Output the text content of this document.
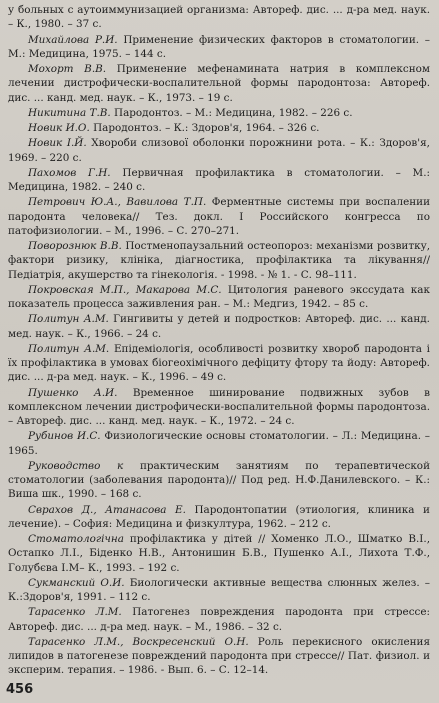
у больных с аутоиммунизацией организма: Автореф. дис. ... д-ра мед. наук. – К., 1980. – 37 с.

Михайлова Р.И. Применение физических факторов в стоматологии. – М.: Медицина, 1975. – 144 с.

Мохорт В.В. Применение мефенамината натрия в комплексном лечении дистрофически-воспалительной формы пародонтоза: Автореф. дис. ... канд. мед. наук. – К., 1973. – 19 с.

Никитина Т.В. Пародонтоз. – М.: Медицина, 1982. – 226 с.

Новик И.О. Пародонтоз. – К.: Здоров'я, 1964. – 326 с.

Новик І.Й. Хвороби слизової оболонки порожнини рота. – К.: Здоров'я, 1969. – 220 с.

Пахомов Г.Н. Первичная профилактика в стоматологии. – М.: Медицина, 1982. – 240 с.

Петрович Ю.А., Вавилова Т.П. Ферментные системы при воспалении пародонта человека// Тез. докл. I Российского конгресса по патофизиологии. – М., 1996. – С. 270–271.

Поворознюк В.В. Постменопаузальний остеопороз: механізми розвитку, фактори ризику, клініка, діагностика, профілактика та лікування// Педіатрія, акушерство та гінекологія. - 1998. - № 1. - С. 98–111.

Покровская М.П., Макарова М.С. Цитология раневого экссудата как показатель процесса заживления ран. – М.: Медгиз, 1942. – 85 с.

Политун А.М. Гингивиты у детей и подростков: Автореф. дис. ... канд. мед. наук. – К., 1966. – 24 с.

Политун А.М. Епідеміологія, особливості розвитку хвороб пародонта і їх профілактика в умовах біогеохімічного дефіциту фтору та йоду: Автореф. дис. ... д-ра мед. наук. – К., 1996. – 49 с.

Пушенко А.И. Временное шинирование подвижных зубов в комплексном лечении дистрофически-воспалительной формы пародонтоза. – Автореф. дис. ... канд. мед. наук. – К., 1972. – 24 с.

Рубинов И.С. Физиологические основы стоматологии. – Л.: Медицина. – 1965.

Руководство к практическим занятиям по терапевтической стоматологии (заболевания пародонта)// Под ред. Н.Ф.Данилевского. – К.: Виша шк., 1990. – 168 с.

Сврахов Д., Атанасова Е. Пародонтопатии (этиология, клиника и лечение). – София: Медицина и физкултура, 1962. – 212 с.

Стоматологічна профілактика у дітей // Хоменко Л.О., Шматко В.І., Остапко Л.І., Біденко Н.В., Антонишин Б.В., Пушенко А.І., Лихота Т.Ф., Голубєва І.М– К., 1993. – 192 с.

Сукманский О.И. Биологически активные вещества слюнных желез. – К.:Здоров'я, 1991. – 112 с.

Тарасенко Л.М. Патогенез повреждения пародонта при стрессе: Автореф. дис. ... д-ра мед. наук. – М., 1986. – 32 с.

Тарасенко Л.М., Воскресенский О.Н. Роль перекисного окисления липидов в патогенезе повреждений пародонта при стрессе// Пат. физиол. и эксперим. терапия. – 1986. - Вып. 6. – С. 12–14.

456
